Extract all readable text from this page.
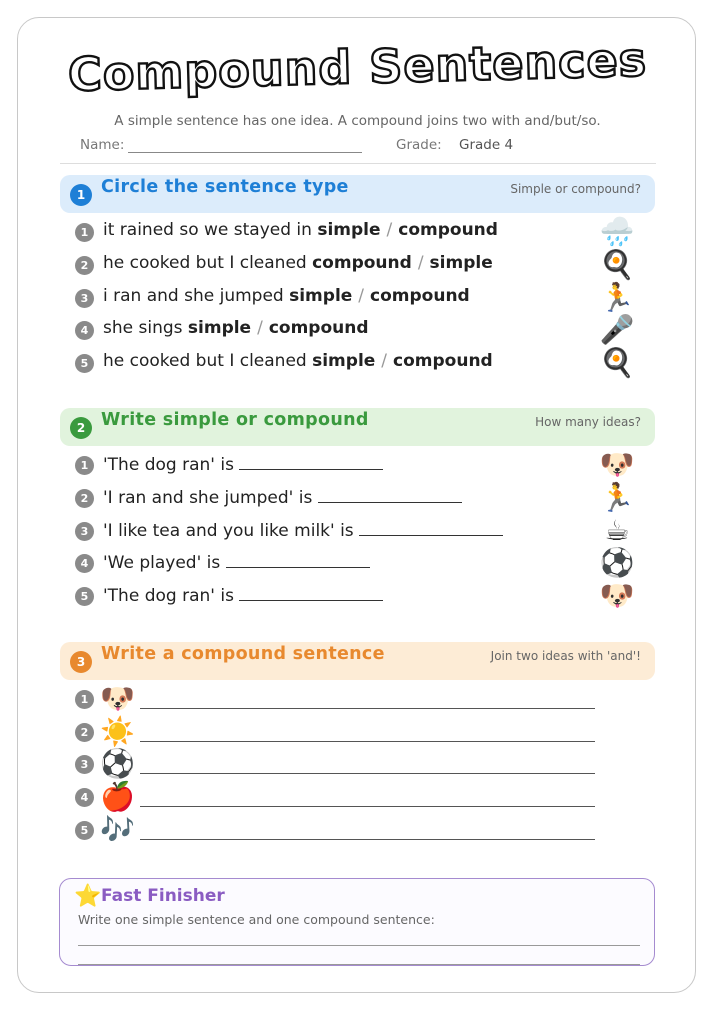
Compound Sentences
A simple sentence has one idea. A compound joins two with and/but/so.
Name:	Grade: Grade 4
1 Circle the sentence type	Simple or compound?
1 it rained so we stayed in simple / compound	🌧️
2 he cooked but I cleaned compound / simple	🍳
3 i ran and she jumped simple / compound	🏃
4 she sings simple / compound	🎤
5 he cooked but I cleaned simple / compound	🍳
2 Write simple or compound	How many ideas?
1 'The dog ran' is	🐶
2 'I ran and she jumped' is	🏃
3 'I like tea and you like milk' is	☕
4 'We played' is	⚽
5 'The dog ran' is	🐶
3 Write a compound sentence	Join two ideas with 'and'!
1 🐶
2 ☀️
3 ⚽
4 🍎
5 🎶
⭐ Fast Finisher
Write one simple sentence and one compound sentence:
